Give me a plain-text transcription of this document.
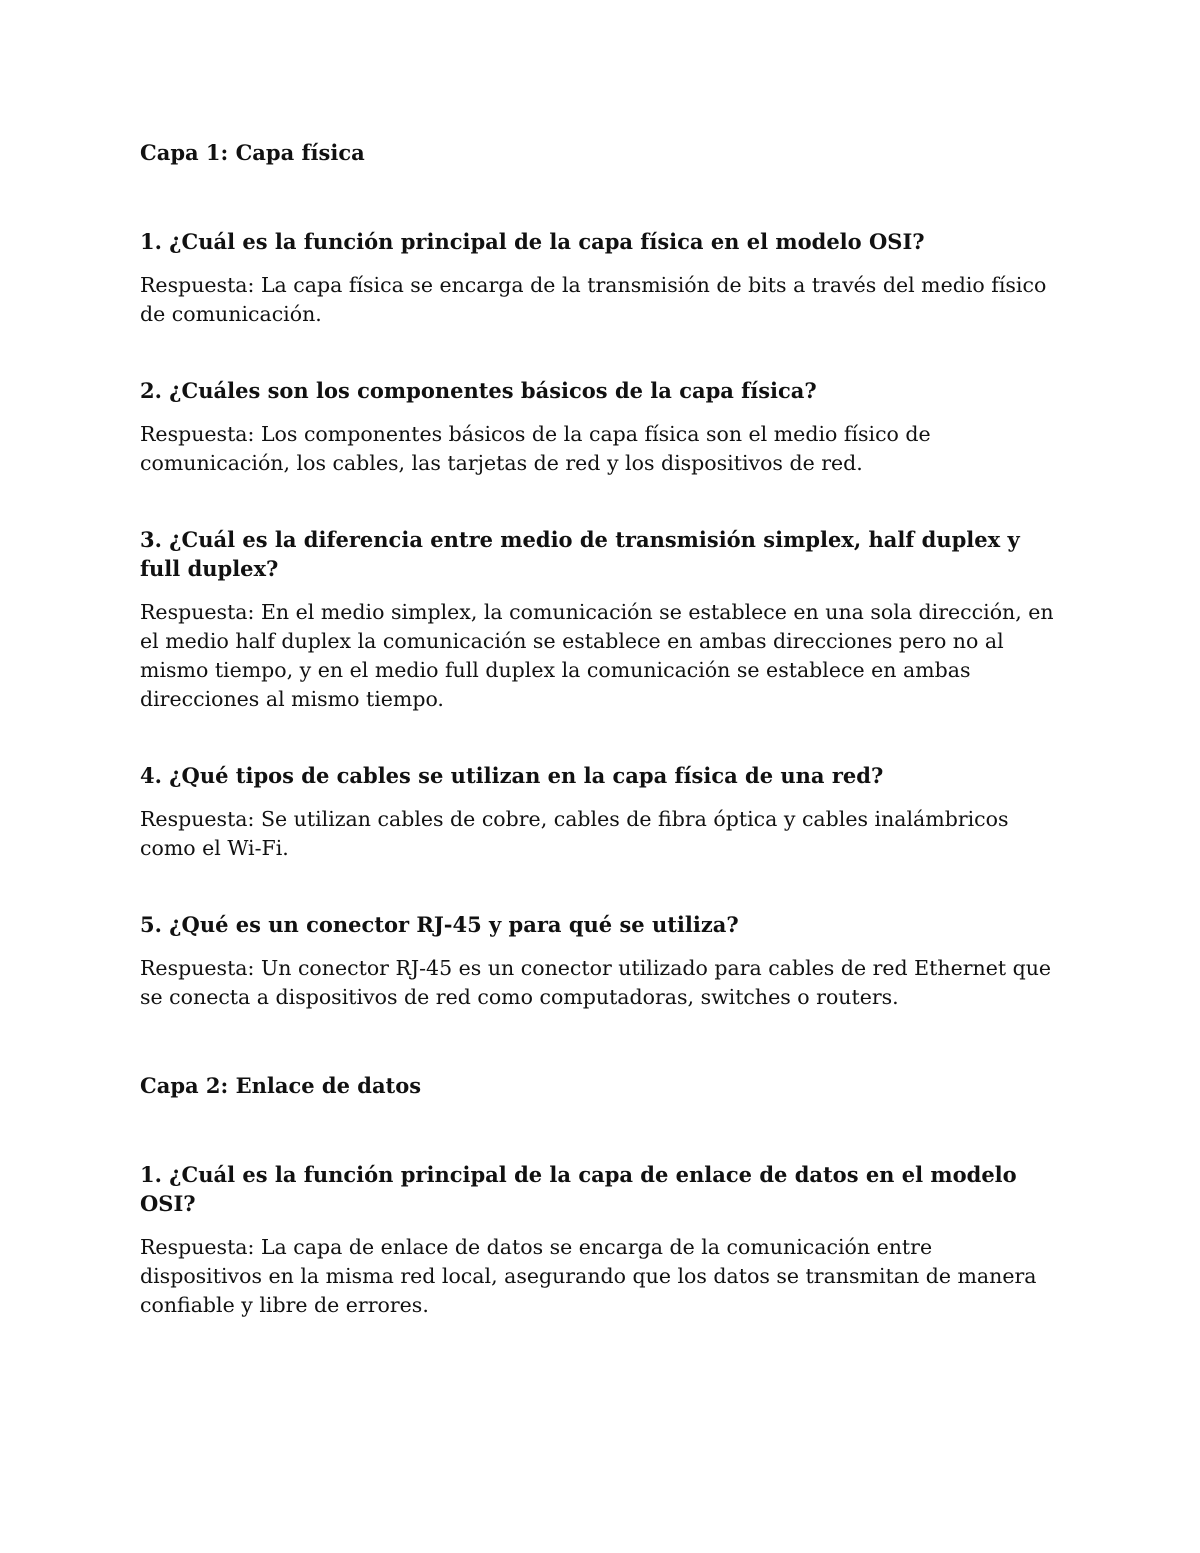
Capa 1: Capa física

1. ¿Cuál es la función principal de la capa física en el modelo OSI?

Respuesta: La capa física se encarga de la transmisión de bits a través del medio físico de comunicación.

2. ¿Cuáles son los componentes básicos de la capa física?

Respuesta: Los componentes básicos de la capa física son el medio físico de comunicación, los cables, las tarjetas de red y los dispositivos de red.

3. ¿Cuál es la diferencia entre medio de transmisión simplex, half duplex y full duplex?

Respuesta: En el medio simplex, la comunicación se establece en una sola dirección, en el medio half duplex la comunicación se establece en ambas direcciones pero no al mismo tiempo, y en el medio full duplex la comunicación se establece en ambas direcciones al mismo tiempo.

4. ¿Qué tipos de cables se utilizan en la capa física de una red?

Respuesta: Se utilizan cables de cobre, cables de fibra óptica y cables inalámbricos como el Wi-Fi.

5. ¿Qué es un conector RJ-45 y para qué se utiliza?

Respuesta: Un conector RJ-45 es un conector utilizado para cables de red Ethernet que se conecta a dispositivos de red como computadoras, switches o routers.

Capa 2: Enlace de datos

1. ¿Cuál es la función principal de la capa de enlace de datos en el modelo OSI?

Respuesta: La capa de enlace de datos se encarga de la comunicación entre dispositivos en la misma red local, asegurando que los datos se transmitan de manera confiable y libre de errores.
